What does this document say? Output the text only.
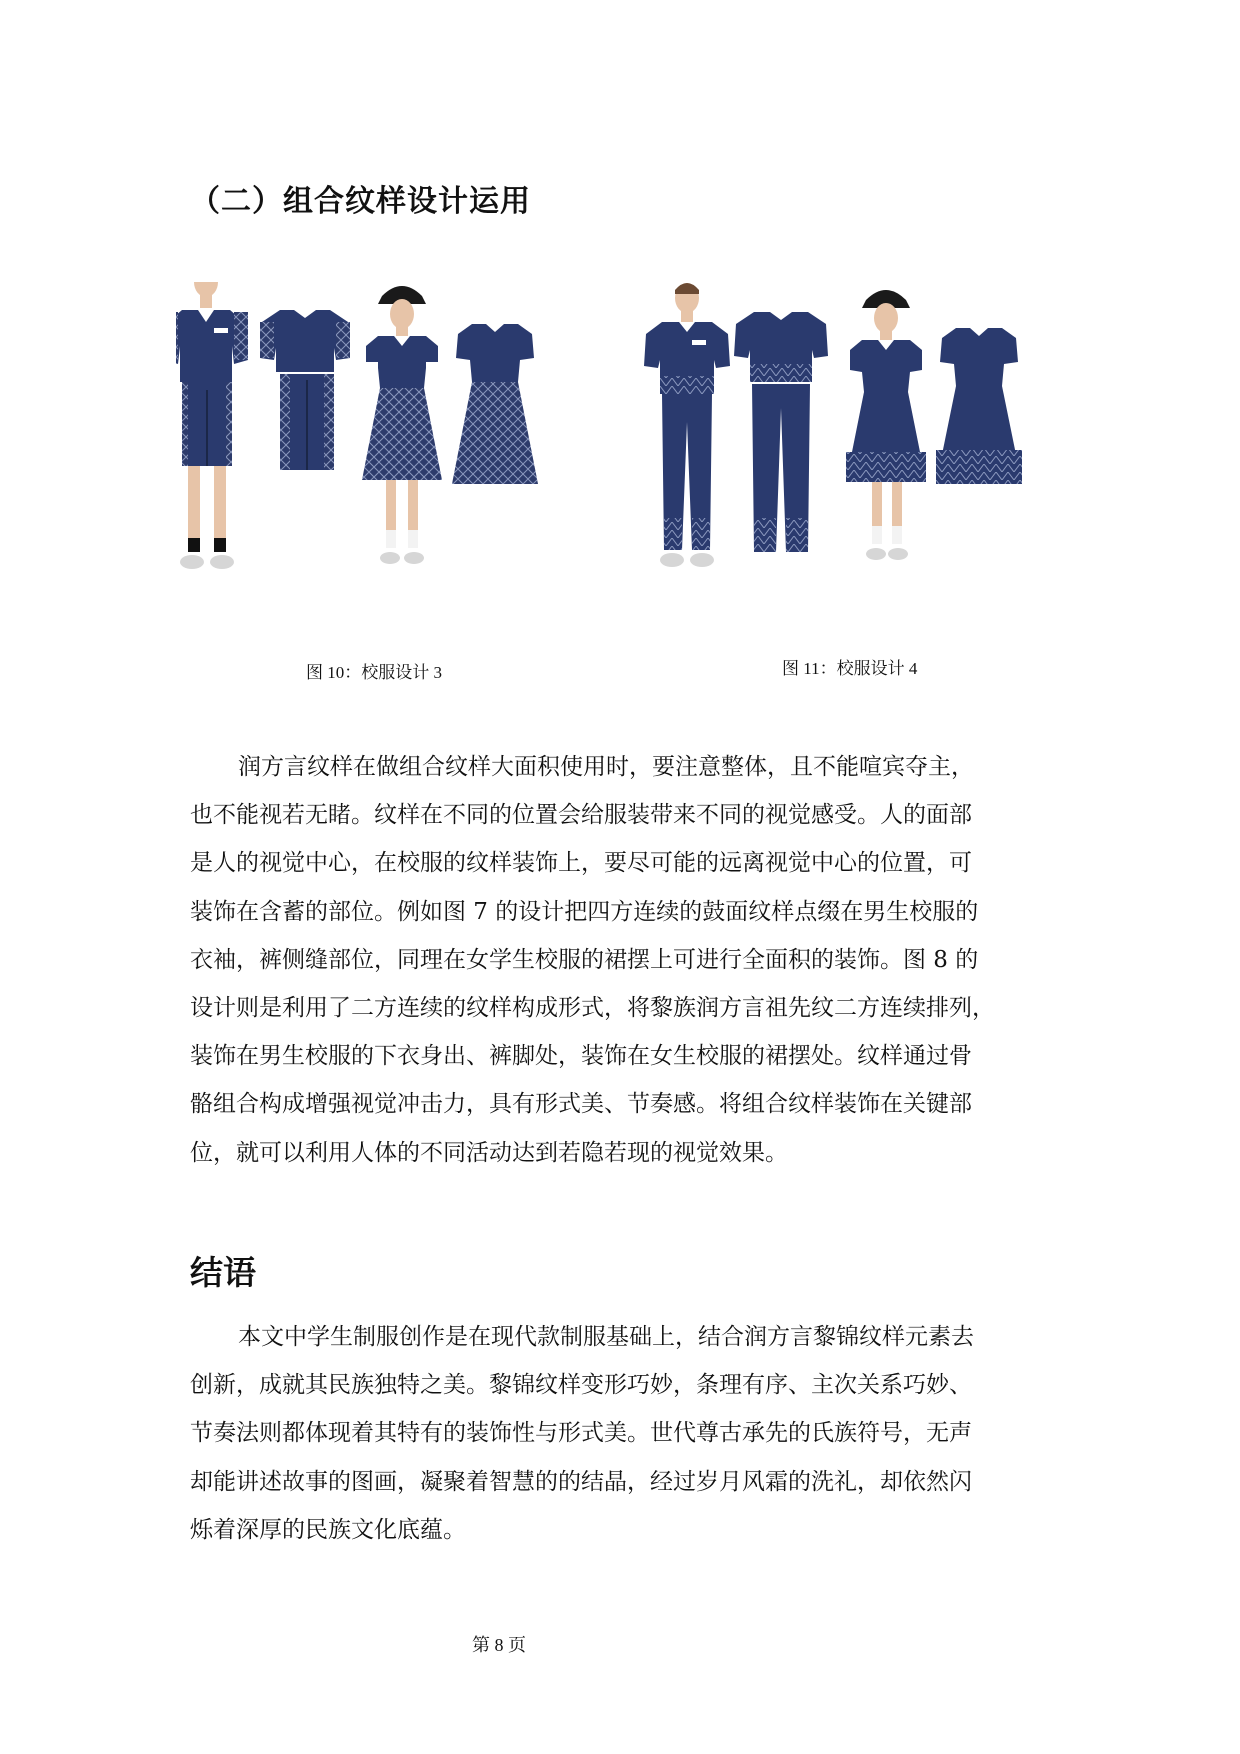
（二）组合纹样设计运用
图 10：校服设计 3	图 11：校服设计 4
润方言纹样在做组合纹样大面积使用时，要注意整体，且不能喧宾夺主，
也不能视若无睹。纹样在不同的位置会给服装带来不同的视觉感受。人的面部
是人的视觉中心，在校服的纹样装饰上，要尽可能的远离视觉中心的位置，可
装饰在含蓄的部位。例如图 7 的设计把四方连续的鼓面纹样点缀在男生校服的
衣袖，裤侧缝部位，同理在女学生校服的裙摆上可进行全面积的装饰。图 8 的
设计则是利用了二方连续的纹样构成形式，将黎族润方言祖先纹二方连续排列，
装饰在男生校服的下衣身出、裤脚处，装饰在女生校服的裙摆处。纹样通过骨
骼组合构成增强视觉冲击力，具有形式美、节奏感。将组合纹样装饰在关键部
位，就可以利用人体的不同活动达到若隐若现的视觉效果。
结语
本文中学生制服创作是在现代款制服基础上，结合润方言黎锦纹样元素去
创新，成就其民族独特之美。黎锦纹样变形巧妙，条理有序、主次关系巧妙、
节奏法则都体现着其特有的装饰性与形式美。世代尊古承先的氏族符号，无声
却能讲述故事的图画，凝聚着智慧的的结晶，经过岁月风霜的洗礼，却依然闪
烁着深厚的民族文化底蕴。
第 8 页
